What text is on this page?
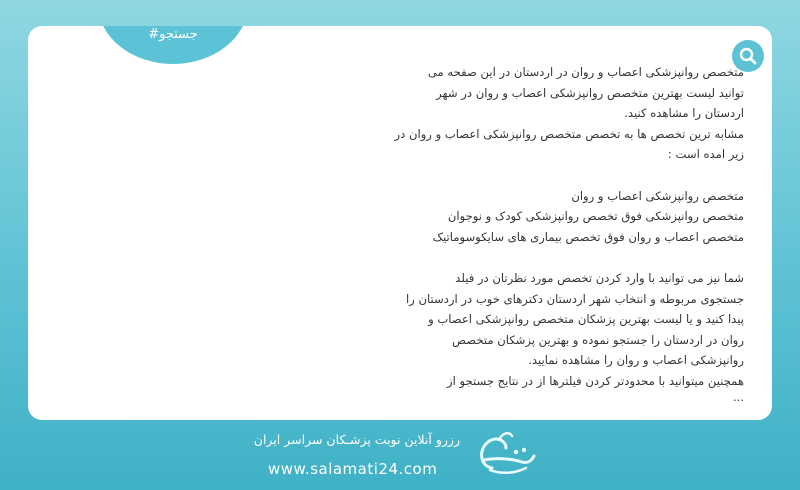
#جستجو
متخصص روانپزشکی اعصاب و روان در اردستان در این صفحه می
توانید لیست بهترین متخصص روانپزشکی اعصاب و روان در شهر
اردستان را مشاهده کنید.
مشابه ترین تخصص ها به تخصص متخصص روانپزشکی اعصاب و روان در
زیر امده است :
متخصص روانپزشکی اعصاب و روان
متخصص روانپزشکی فوق تخصص روانپزشکی کودک و نوجوان
متخصص اعصاب و روان فوق تخصص بیماری های سایکوسوماتیک
شما نیز می توانید با وارد کردن تخصص مورد نظرتان در فیلد
جستجوی مربوطه و انتخاب شهر اردستان دکترهای خوب در اردستان را
پیدا کنید و یا لیست بهترین پزشکان متخصص روانپزشکی اعصاب و
روان در اردستان را جستجو نموده و بهترین پزشکان متخصص
روانپزشکی اعصاب و روان را مشاهده نمایید.
همچنین میتوانید با محدودتر کردن فیلترها از در نتایج جستجو از
...
رزرو آنلاین نوبت پزشـکان سراسر ایران
www.salamati24.com
